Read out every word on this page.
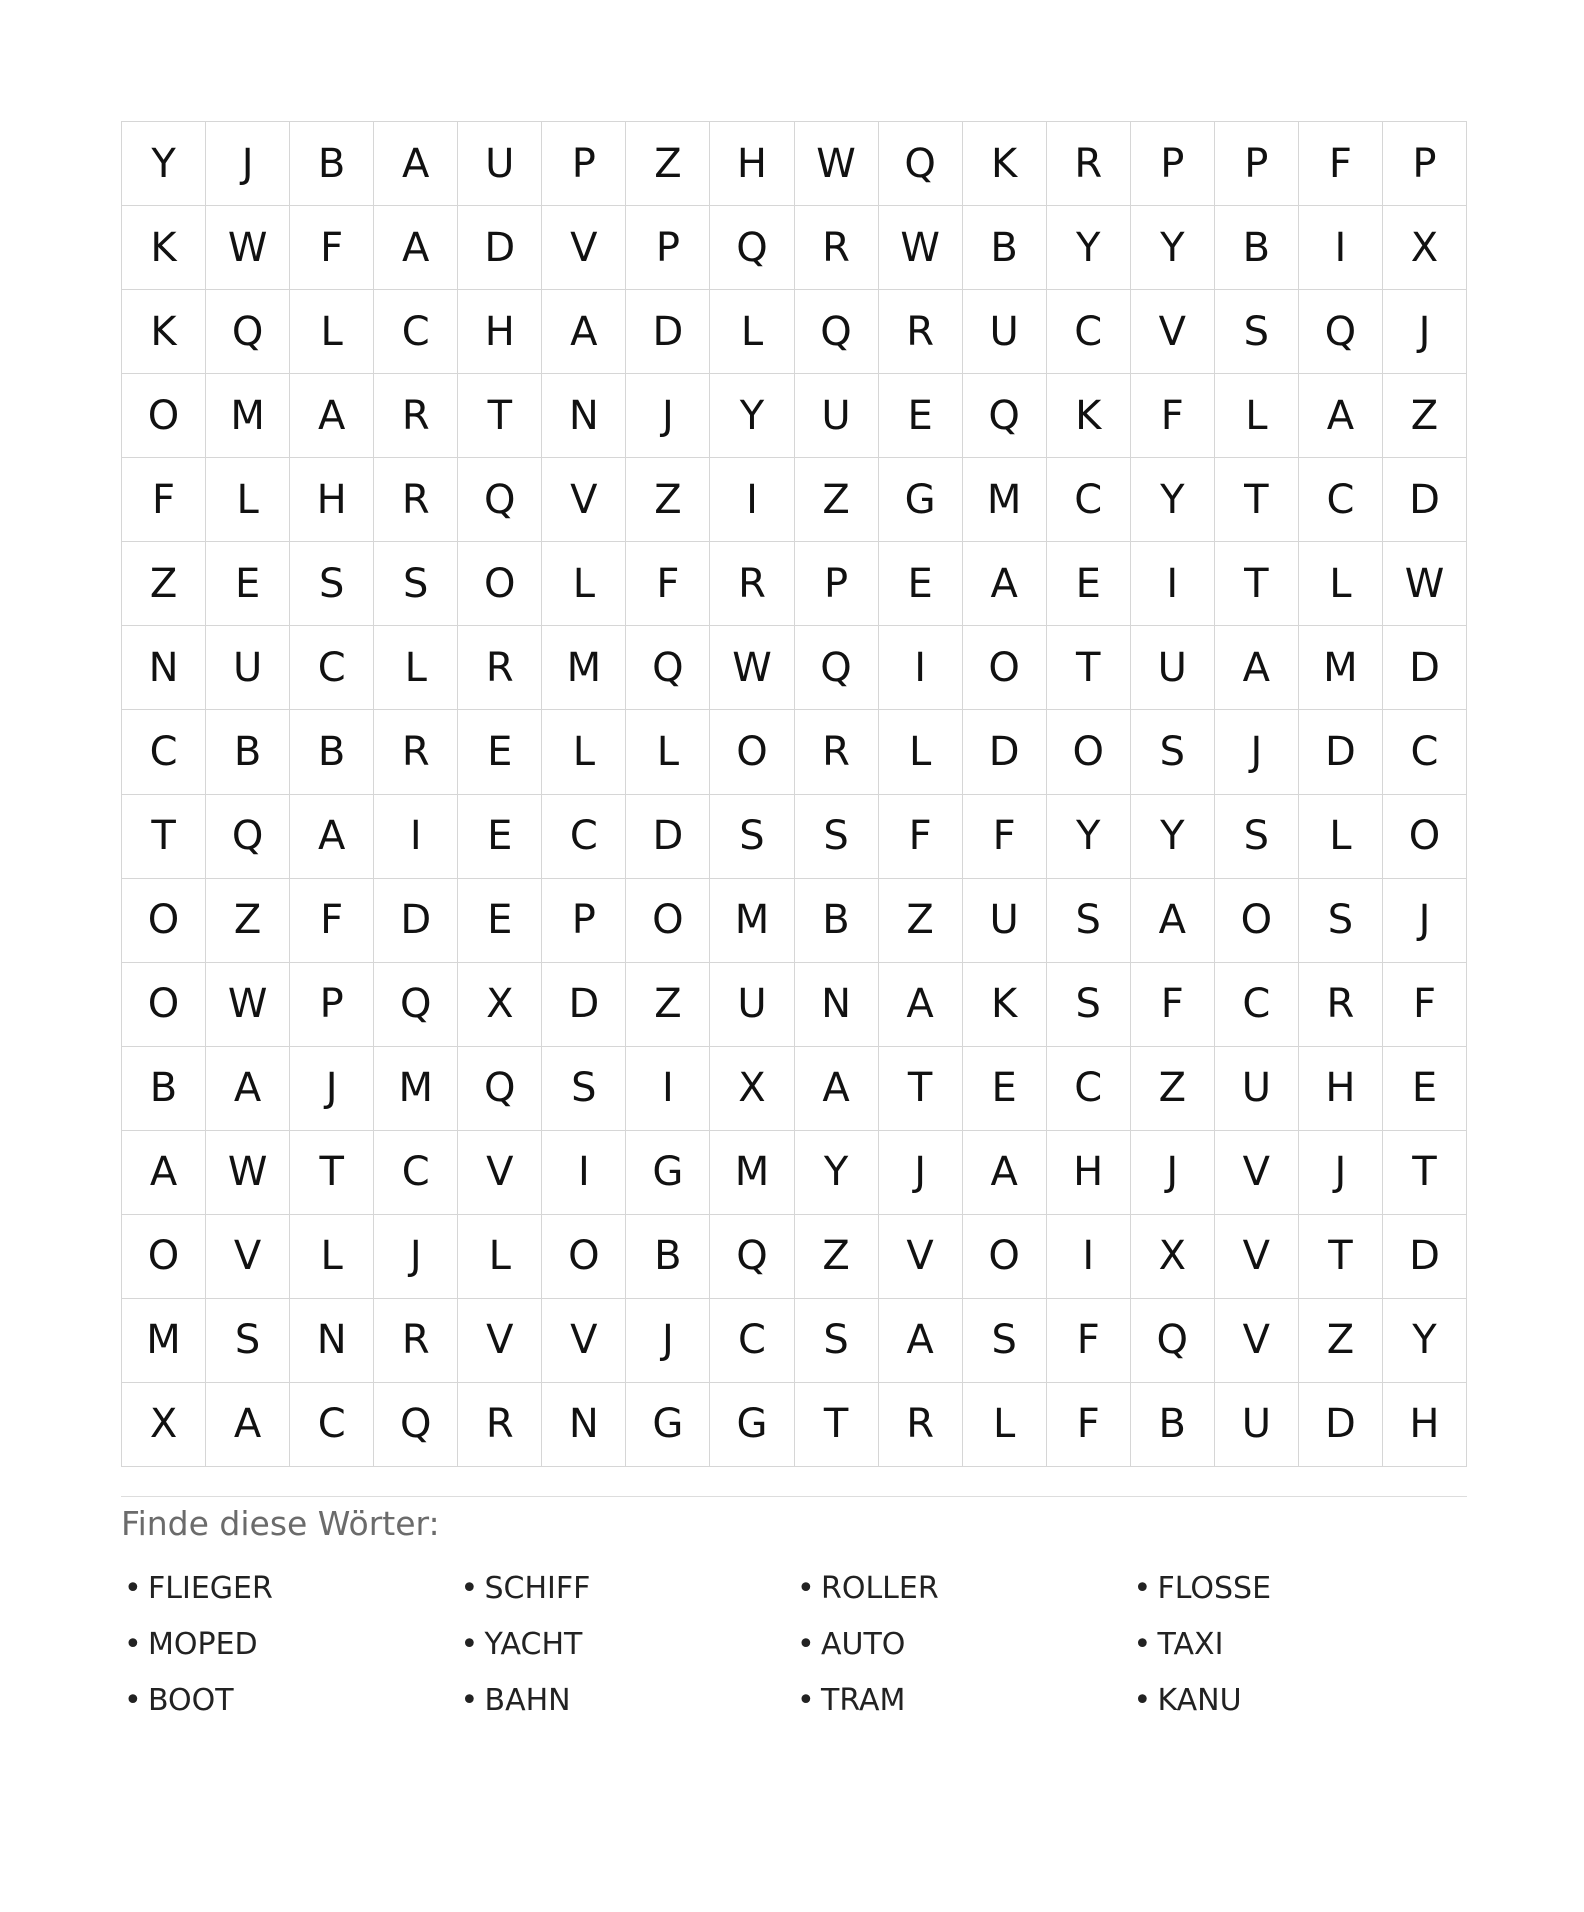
Y	J	B	A	U	P	Z	H	W	Q	K	R	P	P	F	P
K	W	F	A	D	V	P	Q	R	W	B	Y	Y	B	I	X
K	Q	L	C	H	A	D	L	Q	R	U	C	V	S	Q	J
O	M	A	R	T	N	J	Y	U	E	Q	K	F	L	A	Z
F	L	H	R	Q	V	Z	I	Z	G	M	C	Y	T	C	D
Z	E	S	S	O	L	F	R	P	E	A	E	I	T	L	W
N	U	C	L	R	M	Q	W	Q	I	O	T	U	A	M	D
C	B	B	R	E	L	L	O	R	L	D	O	S	J	D	C
T	Q	A	I	E	C	D	S	S	F	F	Y	Y	S	L	O
O	Z	F	D	E	P	O	M	B	Z	U	S	A	O	S	J
O	W	P	Q	X	D	Z	U	N	A	K	S	F	C	R	F
B	A	J	M	Q	S	I	X	A	T	E	C	Z	U	H	E
A	W	T	C	V	I	G	M	Y	J	A	H	J	V	J	T
O	V	L	J	L	O	B	Q	Z	V	O	I	X	V	T	D
M	S	N	R	V	V	J	C	S	A	S	F	Q	V	Z	Y
X	A	C	Q	R	N	G	G	T	R	L	F	B	U	D	H
Finde diese Wörter:
• FLIEGER	• SCHIFF	• ROLLER	• FLOSSE
• MOPED	• YACHT	• AUTO	• TAXI
• BOOT	• BAHN	• TRAM	• KANU
